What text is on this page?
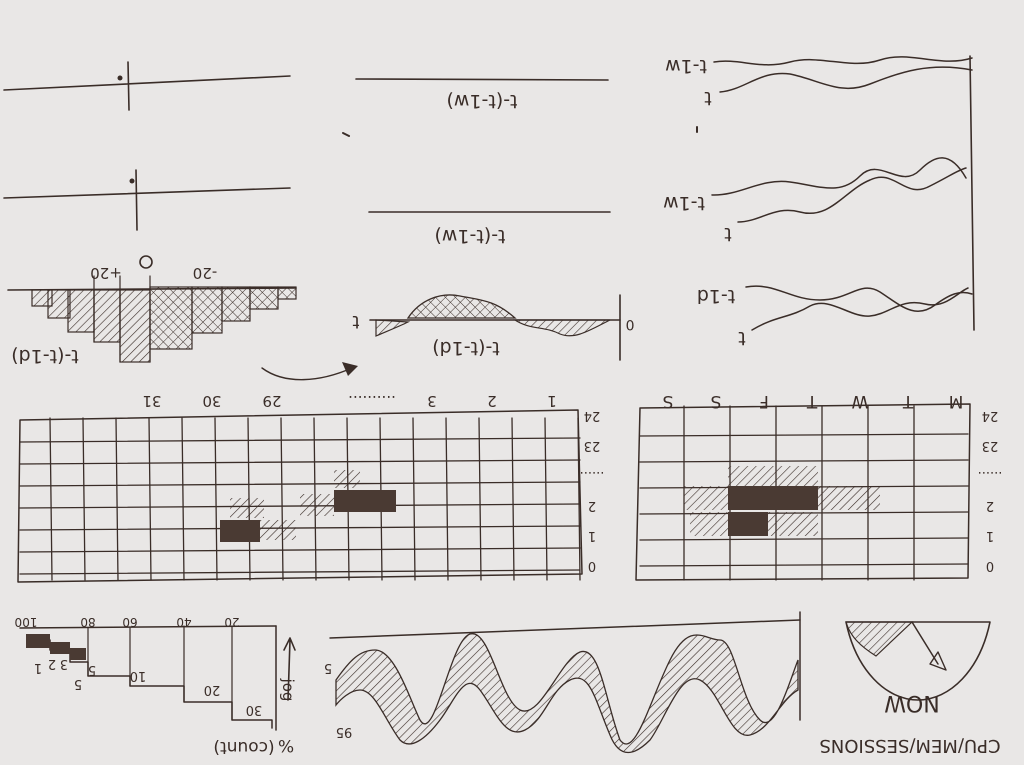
t-(t-1w)
t-(t-1w)
t-1w
t
t-1w
t
t-1d
t
+20	-20
t-(t-1d)
t	0
t-(t-1d)
24
23
......
2
1
0
1
2
3
..........
29
30
31	M
T
W
T
F
S
S
24
23
......
2
1
0
(count) %
jog
100	80 60	40	20
1 2 3
5
5	10
20
30
95
5
NOW
CPU/MEM/SESSIONS
